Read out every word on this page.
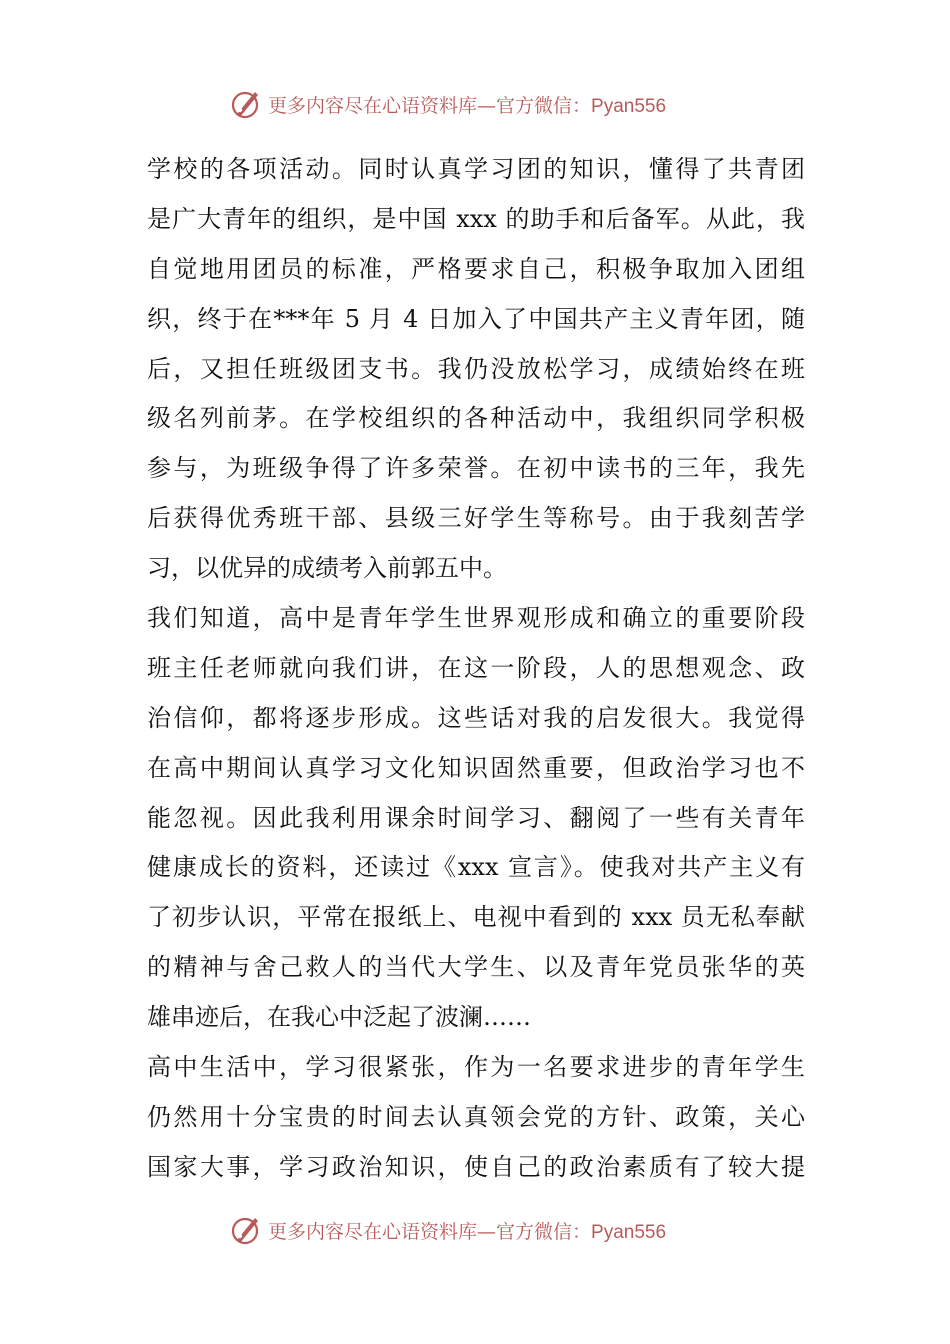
更多内容尽在心语资料库—官方微信：Pyan556
学校的各项活动。同时认真学习团的知识，懂得了共青团
是广大青年的组织，是中国 xxx 的助手和后备军。从此，我
自觉地用团员的标准，严格要求自己，积极争取加入团组
织，终于在***年 5 月 4 日加入了中国共产主义青年团，随
后，又担任班级团支书。我仍没放松学习，成绩始终在班
级名列前茅。在学校组织的各种活动中，我组织同学积极
参与，为班级争得了许多荣誉。在初中读书的三年，我先
后获得优秀班干部、县级三好学生等称号。由于我刻苦学
习，以优异的成绩考入前郭五中。
我们知道，高中是青年学生世界观形成和确立的重要阶段
班主任老师就向我们讲，在这一阶段，人的思想观念、政
治信仰，都将逐步形成。这些话对我的启发很大。我觉得
在高中期间认真学习文化知识固然重要，但政治学习也不
能忽视。因此我利用课余时间学习、翻阅了一些有关青年
健康成长的资料，还读过《xxx 宣言》。使我对共产主义有
了初步认识，平常在报纸上、电视中看到的 xxx 员无私奉献
的精神与舍己救人的当代大学生、以及青年党员张华的英
雄串迹后，在我心中泛起了波澜……
高中生活中，学习很紧张，作为一名要求进步的青年学生
仍然用十分宝贵的时间去认真领会党的方针、政策，关心
国家大事，学习政治知识，使自己的政治素质有了较大提
更多内容尽在心语资料库—官方微信：Pyan556
